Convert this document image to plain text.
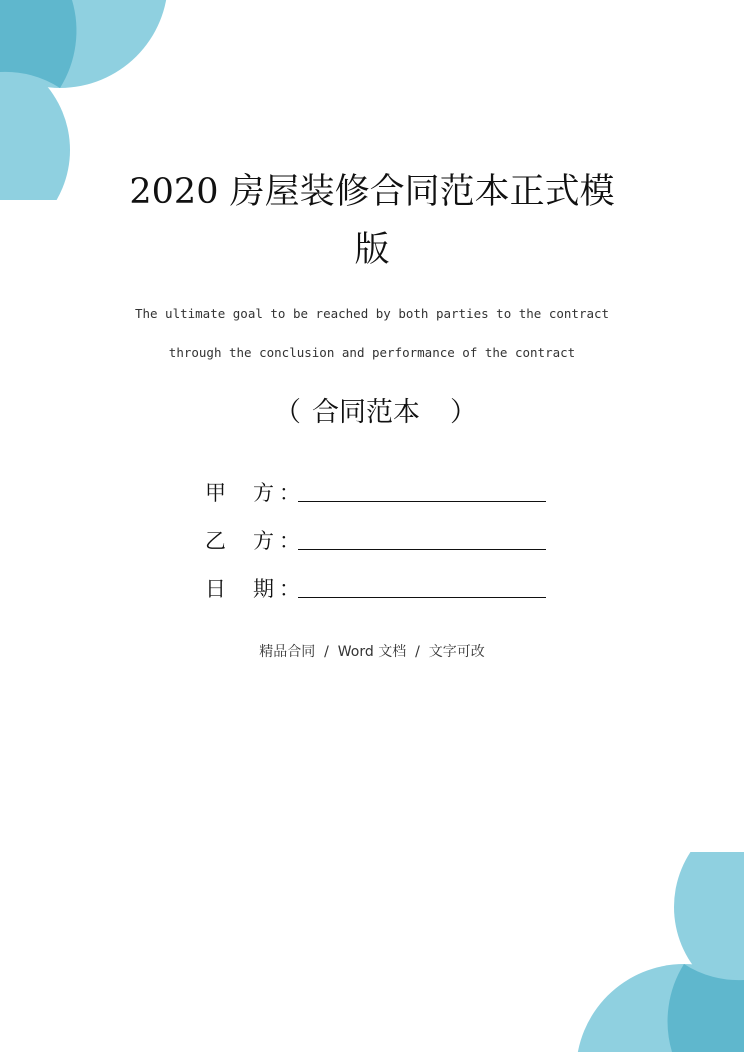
2020 房屋装修合同范本正式模
版

The ultimate goal to be reached by both parties to the contract

through the conclusion and performance of the contract

（ 合同范本 ）
甲 方 ：
乙 方 ：
日 期 ：

精品合同  /  Word 文档  /  文字可改
